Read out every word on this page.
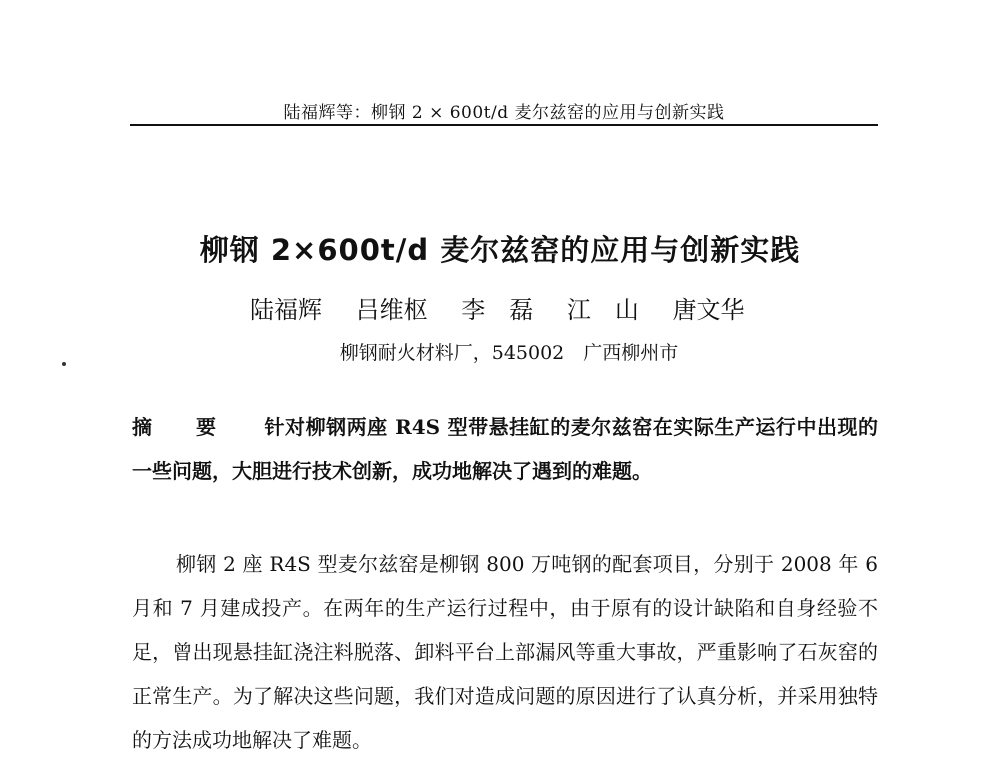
陆福辉等：柳钢 2 × 600t/d 麦尔兹窑的应用与创新实践
柳钢 2×600t/d 麦尔兹窑的应用与创新实践
陆福辉 吕维枢 李　磊 江　山 唐文华
柳钢耐火材料厂，545002　广西柳州市
摘 要 针对柳钢两座 R4S 型带悬挂缸的麦尔兹窑在实际生产运行中出现的一些问题，大胆进行技术创新，成功地解决了遇到的难题。
柳钢 2 座 R4S 型麦尔兹窑是柳钢 800 万吨钢的配套项目，分别于 2008 年 6 月和 7 月建成投产。在两年的生产运行过程中，由于原有的设计缺陷和自身经验不足，曾出现悬挂缸浇注料脱落、卸料平台上部漏风等重大事故，严重影响了石灰窑的正常生产。为了解决这些问题，我们对造成问题的原因进行了认真分析，并采用独特的方法成功地解决了难题。
